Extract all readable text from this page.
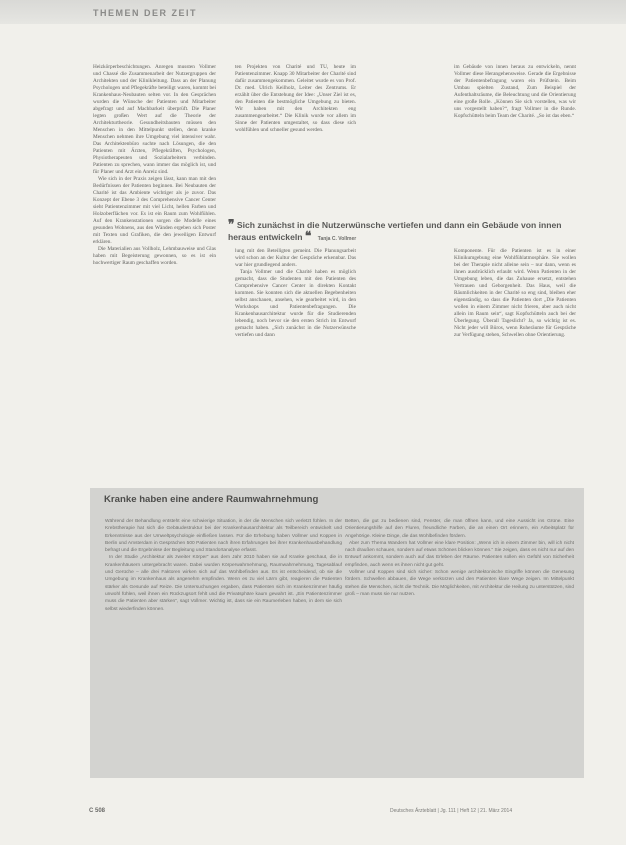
THEMEN DER ZEIT

Heizkörperbeschichtungen. Anregen mussten Vollmer und Chassé die Zusammenarbeit der Nutzergruppen der Architekten und der Klinikleitung. Dass an der Planung Psychologen und Pflegekräfte beteiligt waren, kommt bei Krankenhaus-Neubauten selten vor. In den Gesprächen wurden die Wünsche der Patienten und Mitarbeiter abgefragt und auf Machbarkeit überprüft. Die Planer legten großen Wert auf die Theorie der Architekturtheorie. Gesundheitsbauten müssen den Menschen in den Mittelpunkt stellen, denn kranke Menschen nehmen ihre Umgebung viel intensiver wahr. Das Architektenbüro suchte nach Lösungen, die den Patienten mit Ärzten, Pflegekräften, Psychologen, Physiotherapeuten und Sozialarbeitern verbinden. Patienten zu sprechen, wann immer das möglich ist, und für Planer und Arzt ein Anreiz sind.

Wie sich in der Praxis zeigen lässt, kann man mit den Bedürfnissen der Patienten beginnen. Bei Neubauten der Charité ist das Ambiente wichtiger als je zuvor. Das Konzept der Ebene 3 des Comprehensive Cancer Center sieht Patientenzimmer mit viel Licht, hellen Farben und Holzoberflächen vor. Es ist ein Raum zum Wohlfühlen. Auf den Krankenstationen sorgen die Modelle eines gesunden Wohnens, aus den Wänden ergeben sich Poster mit Texten und Grafiken, die den jeweiligen Entwurf erklären.

Die Materialien aus Vollholz, Lehmbauweise und Glas haben mit Begeisterung gewonnen, so es ist ein hochwertiger Raum geschaffen worden.

ten Projekten von Charité und TU, heute im Patientenzimmer. Knapp 30 Mitarbeiter der Charité sind dafür zusammengekommen. Geleitet wurde es von Prof. Dr. med. Ulrich Keilholz, Leiter des Zentrums. Er erzählt über die Entstehung der Idee: „Unser Ziel ist es, den Patienten die bestmögliche Umgebung zu bieten. Wir haben mit den Architekten eng zusammengearbeitet.“ Die Klinik wurde vor allem im Sinne der Patienten umgestaltet, so dass diese sich wohlfühlen und schneller gesund werden.

im Gebäude von innen heraus zu entwickeln, nennt Vollmer diese Herangehensweise. Gerade die Ergebnisse der Patientenbefragung waren ein Prüfstein. Beim Umbau spielten Zustand, Zum Beispiel der Aufenthaltsräume, die Beleuchtung und die Orientierung eine große Rolle. „Können Sie sich vorstellen, was wir uns vorgestellt haben?“, fragt Vollmer in die Runde. Kopfschütteln beim Team der Charité. „So ist das eben.“

❞ Sich zunächst in die Nutzerwünsche vertiefen und dann ein Gebäude von innen heraus entwickeln ❝ Tanja C. Vollmer

lung mit den Beteiligten gemeint. Die Planungsarbeit wird schon an der Kultur der Gespräche erkennbar. Das war hier grundlegend anders.

Tanja Vollmer und die Charité haben es möglich gemacht, dass die Studenten mit den Patienten des Comprehensive Cancer Center in direkten Kontakt kommen. Sie konnten sich die aktuellen Begebenheiten selbst anschauen, ansehen, wie gearbeitet wird, in den Workshops und Patientenbefragungen. Die Krankenhausarchitektur wurde für die Studierenden lebendig, noch bevor sie den ersten Strich im Entwurf gemacht haben. „Sich zunächst in die Nutzerwünsche vertiefen und dann

Komponente. Für die Patienten ist es in einer Klinikumgebung eine Wohlfühlatmosphäre. Sie wollen bei der Therapie nicht alleine sein – nur dann, wenn es ihnen ausdrücklich erlaubt wird. Wenn Patienten in der Umgebung leben, die das Zuhause ersetzt, entstehen Vertrauen und Geborgenheit. Das Haus, weil die Räumlichkeiten in der Charité so eng sind, bleiben eher eigenständig, so dass die Patienten dort „Die Patienten wollen in einem Zimmer nicht frieren, aber auch nicht allein im Raum sein“, sagt Kopfschütteln auch bei der Überlegung. Überall Tageslicht? Ja, so wichtig ist es. Nicht jeder will Büros, wenn Ruheräume für Gespräche zur Verfügung stehen, Schwellen ohne Orientierung.

Kranke haben eine andere Raumwahrnehmung

Während der Behandlung entsteht eine schwierige Situation, in der die Menschen sich verletzt fühlen. In der Krebstherapie hat sich die Gebäudestruktur bei der Krankenhausarchitektur als Teilbereich entwickelt und Erkenntnisse aus der Umweltpsychologie einfließen lassen. Für die Erhebung haben Vollmer und Koppen in Berlin und Amsterdam in Gesprächen 500 Patienten nach ihren Erfahrungen bei ihrer Krankenhausbehandlung befragt und die Ergebnisse der Begleitung und Standortanalyse erfasst.

In der Studie „Architektur als zweiter Körper“ aus dem Jahr 2010 haben sie auf Kranke geschaut, die in Krankenhäusern untergebracht waren. Dabei wurden Körperwahrnehmung, Raumwahrnehmung, Tagesablauf und Gerüche – alle drei Faktoren wirken sich auf das Wohlbefinden aus. Es ist entscheidend, ob sie die Umgebung im Krankenhaus als angenehm empfinden. Wenn es zu viel Lärm gibt, reagieren die Patienten stärker als Gesunde auf Reize. Die Untersuchungen ergaben, dass Patienten sich im Krankenzimmer häufig unwohl fühlen, weil ihnen ein Rückzugsort fehlt und die Privatsphäre kaum gewahrt ist. „Ein Patientenzimmer muss die Patienten aber stärken“, sagt Vollmer. Wichtig ist, dass sie ein Raumerleben haben, in dem sie sich selbst wiederfinden können.

Betten, die gut zu bedienen sind, Fenster, die man öffnen kann, und eine Aussicht ins Grüne. Eine Orientierungshilfe auf den Fluren, freundliche Farben, die an einen Ort erinnern, ein Arbeitsplatz für Angehörige. Kleine Dinge, die das Wohlbefinden fördern.

Aber zum Thema Wandern hat Vollmer eine klare Position: „Wenn ich in einem Zimmer bin, will ich nicht nach draußen schauen, sondern auf etwas Schönes blicken können.“ Sie zeigen, dass es nicht nur auf den Entwurf ankommt, sondern auch auf das Erleben der Räume. Patienten sollen ein Gefühl von Sicherheit empfinden, auch wenn es ihnen nicht gut geht.

Vollmer und Koppen sind sich sicher: Schon wenige architektonische Eingriffe können die Genesung fördern. Schwellen abbauen, die Wege verkürzen und den Patienten klare Wege zeigen. Im Mittelpunkt stehen die Menschen, nicht die Technik. Die Möglichkeiten, mit Architektur die Heilung zu unterstützen, sind groß – man muss sie nur nutzen.

C 508	Deutsches Ärzteblatt | Jg. 111 | Heft 12 | 21. März 2014
